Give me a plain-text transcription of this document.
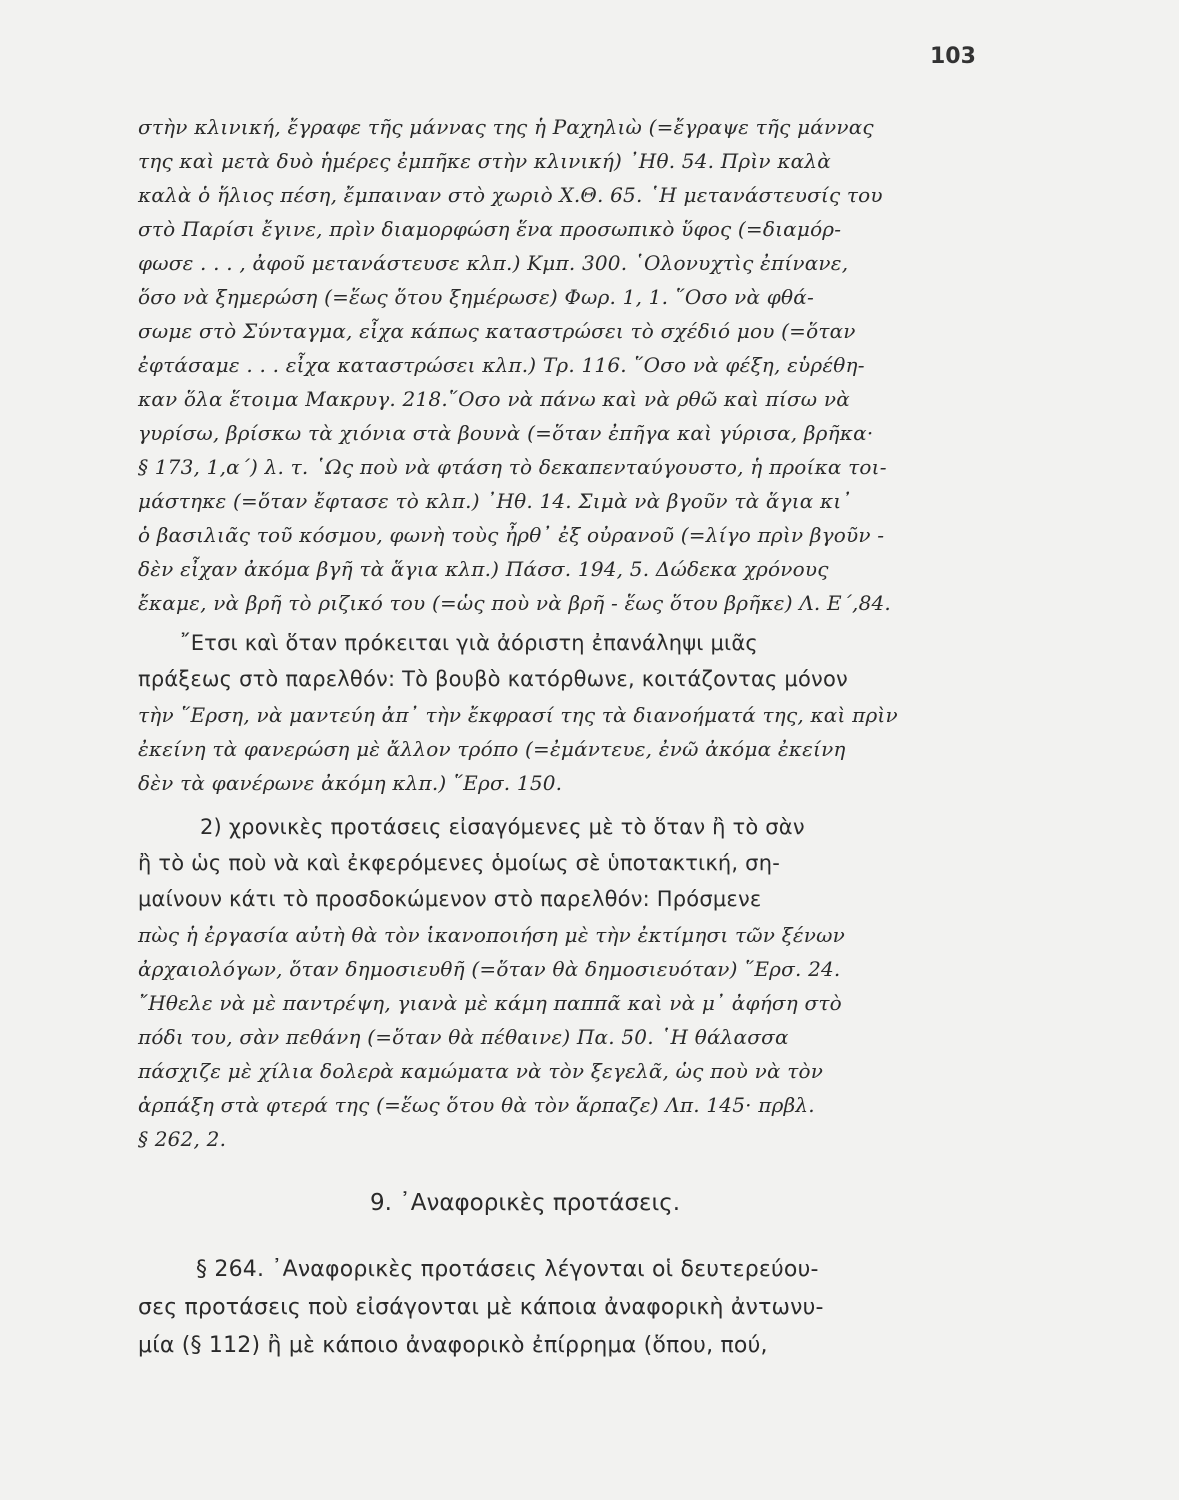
103
στὴν κλινική, ἔγραφε τῆς μάννας της ἡ Ραχηλιὼ (=ἔγραψε τῆς μάννας
της καὶ μετὰ δυὸ ἡμέρες ἐμπῆκε στὴν κλινική) ᾿Ηθ. 54. Πρὶν καλὰ
καλὰ ὁ ἥλιος πέση, ἔμπαιναν στὸ χωριὸ Χ.Θ. 65. ῾Η μετανάστευσίς του
στὸ Παρίσι ἔγινε, πρὶν διαμορφώση ἕνα προσωπικὸ ὕφος (=διαμόρ-
φωσε . . . , ἀφοῦ μετανάστευσε κλπ.) Κμπ. 300. ῾Ολονυχτὶς ἐπίνανε,
ὅσο νὰ ξημερώση (=ἕως ὅτου ξημέρωσε) Φωρ. 1, 1. ῞Οσο νὰ φθά-
σωμε στὸ Σύνταγμα, εἶχα κάπως καταστρώσει τὸ σχέδιό μου (=ὅταν
ἐφτάσαμε . . . εἶχα καταστρώσει κλπ.) Τρ. 116. ῞Οσο νὰ φέξη, εὑρέθη-
καν ὅλα ἕτοιμα Μακρυγ. 218.῞Οσο νὰ πάνω καὶ νὰ ρθῶ καὶ πίσω νὰ
γυρίσω, βρίσκω τὰ χιόνια στὰ βουνὰ (=ὅταν ἐπῆγα καὶ γύρισα, βρῆκα·
§ 173, 1,α΄) λ. τ. ῾Ως ποὺ νὰ φτάση τὸ δεκαπενταύγουστο, ἡ προίκα τοι-
μάστηκε (=ὅταν ἔφτασε τὸ κλπ.) ᾿Ηθ. 14. Σιμὰ νὰ βγοῦν τὰ ἅγια κι᾿
ὁ βασιλιᾶς τοῦ κόσμου, φωνὴ τοὺς ἦρθ᾿ ἐξ οὐρανοῦ (=λίγο πρὶν βγοῦν -
δὲν εἶχαν ἀκόμα βγῆ τὰ ἅγια κλπ.) Πάσσ. 194, 5. Δώδεκα χρόνους
ἔκαμε, νὰ βρῆ τὸ ριζικό του (=ὡς ποὺ νὰ βρῆ - ἕως ὅτου βρῆκε) Λ. Ε΄,84.
῎Ετσι καὶ ὅταν πρόκειται γιὰ ἀόριστη ἐπανάληψι μιᾶς
πράξεως στὸ παρελθόν: Τὸ βουβὸ κατόρθωνε, κοιτάζοντας μόνον
τὴν ῞Ερση, νὰ μαντεύη ἀπ᾿ τὴν ἔκφρασί της τὰ διανοήματά της, καὶ πρὶν
ἐκείνη τὰ φανερώση μὲ ἄλλον τρόπο (=ἐμάντευε, ἐνῶ ἀκόμα ἐκείνη
δὲν τὰ φανέρωνε ἀκόμη κλπ.) ῞Ερσ. 150.
2) χρονικὲς προτάσεις εἰσαγόμενες μὲ τὸ ὅταν ἢ τὸ σὰν
ἢ τὸ ὡς ποὺ νὰ καὶ ἐκφερόμενες ὁμοίως σὲ ὑποτακτική, ση-
μαίνουν κάτι τὸ προσδοκώμενον στὸ παρελθόν: Πρόσμενε
πὼς ἡ ἐργασία αὐτὴ θὰ τὸν ἱκανοποιήση μὲ τὴν ἐκτίμησι τῶν ξένων
ἀρχαιολόγων, ὅταν δημοσιευθῆ (=ὅταν θὰ δημοσιευόταν) ῞Ερσ. 24.
῎Ηθελε νὰ μὲ παντρέψη, γιανὰ μὲ κάμη παππᾶ καὶ νὰ μ᾿ ἀφήση στὸ
πόδι του, σὰν πεθάνη (=ὅταν θὰ πέθαινε) Πα. 50. ῾Η θάλασσα
πάσχιζε μὲ χίλια δολερὰ καμώματα νὰ τὸν ξεγελᾶ, ὡς ποὺ νὰ τὸν
ἁρπάξη στὰ φτερά της (=ἕως ὅτου θὰ τὸν ἅρπαζε) Λπ. 145· πρβλ.
§ 262, 2.
9. ᾿Αναφορικὲς προτάσεις.
§ 264. ᾿Αναφορικὲς προτάσεις λέγονται οἱ δευτερεύου-
σες προτάσεις ποὺ εἰσάγονται μὲ κάποια ἀναφορικὴ ἀντωνυ-
μία (§ 112) ἢ μὲ κάποιο ἀναφορικὸ ἐπίρρημα (ὅπου, πού,
